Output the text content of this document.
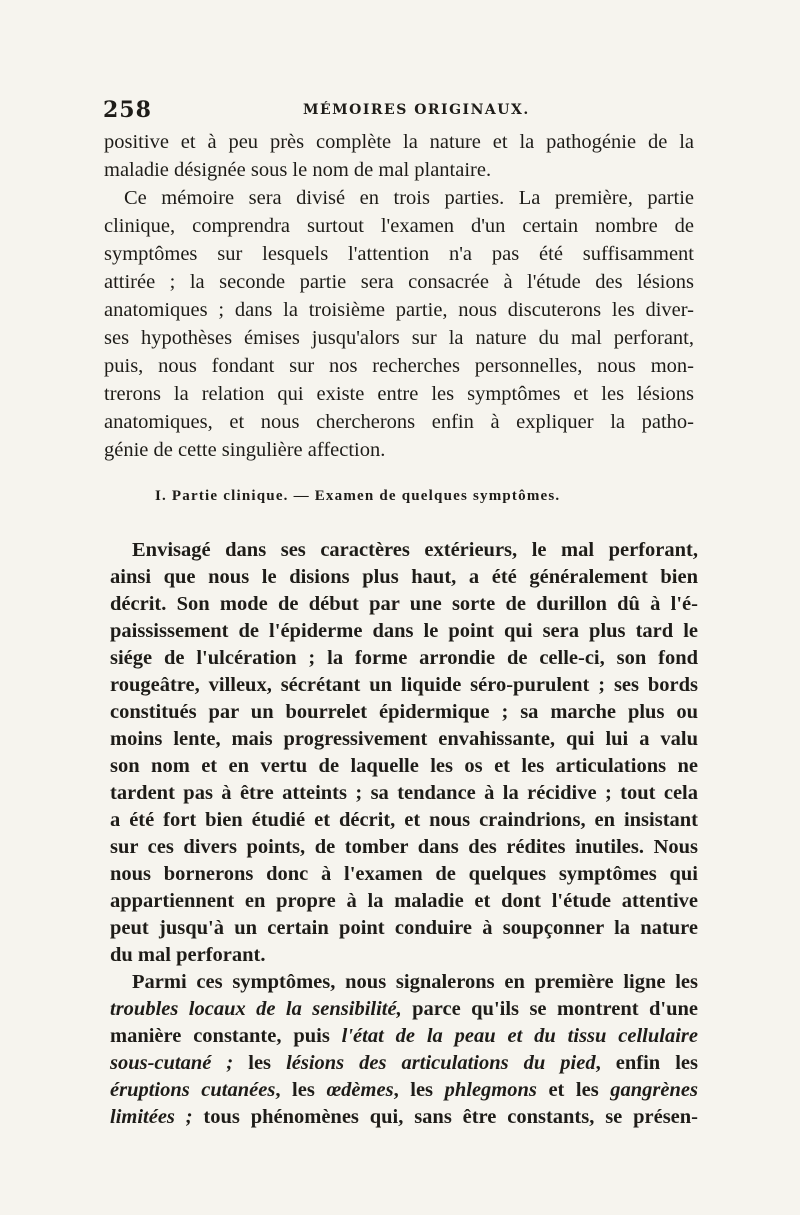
258	MÉMOIRES ORIGINAUX.
positive et à peu près complète la nature et la pathogénie de la
maladie désignée sous le nom de mal plantaire.
Ce mémoire sera divisé en trois parties. La première, partie
clinique, comprendra surtout l'examen d'un certain nombre de
symptômes sur lesquels l'attention n'a pas été suffisamment
attirée ; la seconde partie sera consacrée à l'étude des lésions
anatomiques ; dans la troisième partie, nous discuterons les diver-
ses hypothèses émises jusqu'alors sur la nature du mal perforant,
puis, nous fondant sur nos recherches personnelles, nous mon-
trerons la relation qui existe entre les symptômes et les lésions
anatomiques, et nous chercherons enfin à expliquer la patho-
génie de cette singulière affection.
I. Partie clinique. — Examen de quelques symptômes.
Envisagé dans ses caractères extérieurs, le mal perforant,
ainsi que nous le disions plus haut, a été généralement bien
décrit. Son mode de début par une sorte de durillon dû à l'é-
paississement de l'épiderme dans le point qui sera plus tard le
siége de l'ulcération ; la forme arrondie de celle-ci, son fond
rougeâtre, villeux, sécrétant un liquide séro-purulent ; ses bords
constitués par un bourrelet épidermique ; sa marche plus ou
moins lente, mais progressivement envahissante, qui lui a valu
son nom et en vertu de laquelle les os et les articulations ne
tardent pas à être atteints ; sa tendance à la récidive ; tout cela
a été fort bien étudié et décrit, et nous craindrions, en insistant
sur ces divers points, de tomber dans des rédites inutiles. Nous
nous bornerons donc à l'examen de quelques symptômes qui
appartiennent en propre à la maladie et dont l'étude attentive
peut jusqu'à un certain point conduire à soupçonner la nature
du mal perforant.
Parmi ces symptômes, nous signalerons en première ligne les
troubles locaux de la sensibilité, parce qu'ils se montrent d'une
manière constante, puis l'état de la peau et du tissu cellulaire
sous-cutané ; les lésions des articulations du pied, enfin les
éruptions cutanées, les œdèmes, les phlegmons et les gangrènes
limitées ; tous phénomènes qui, sans être constants, se présen-
